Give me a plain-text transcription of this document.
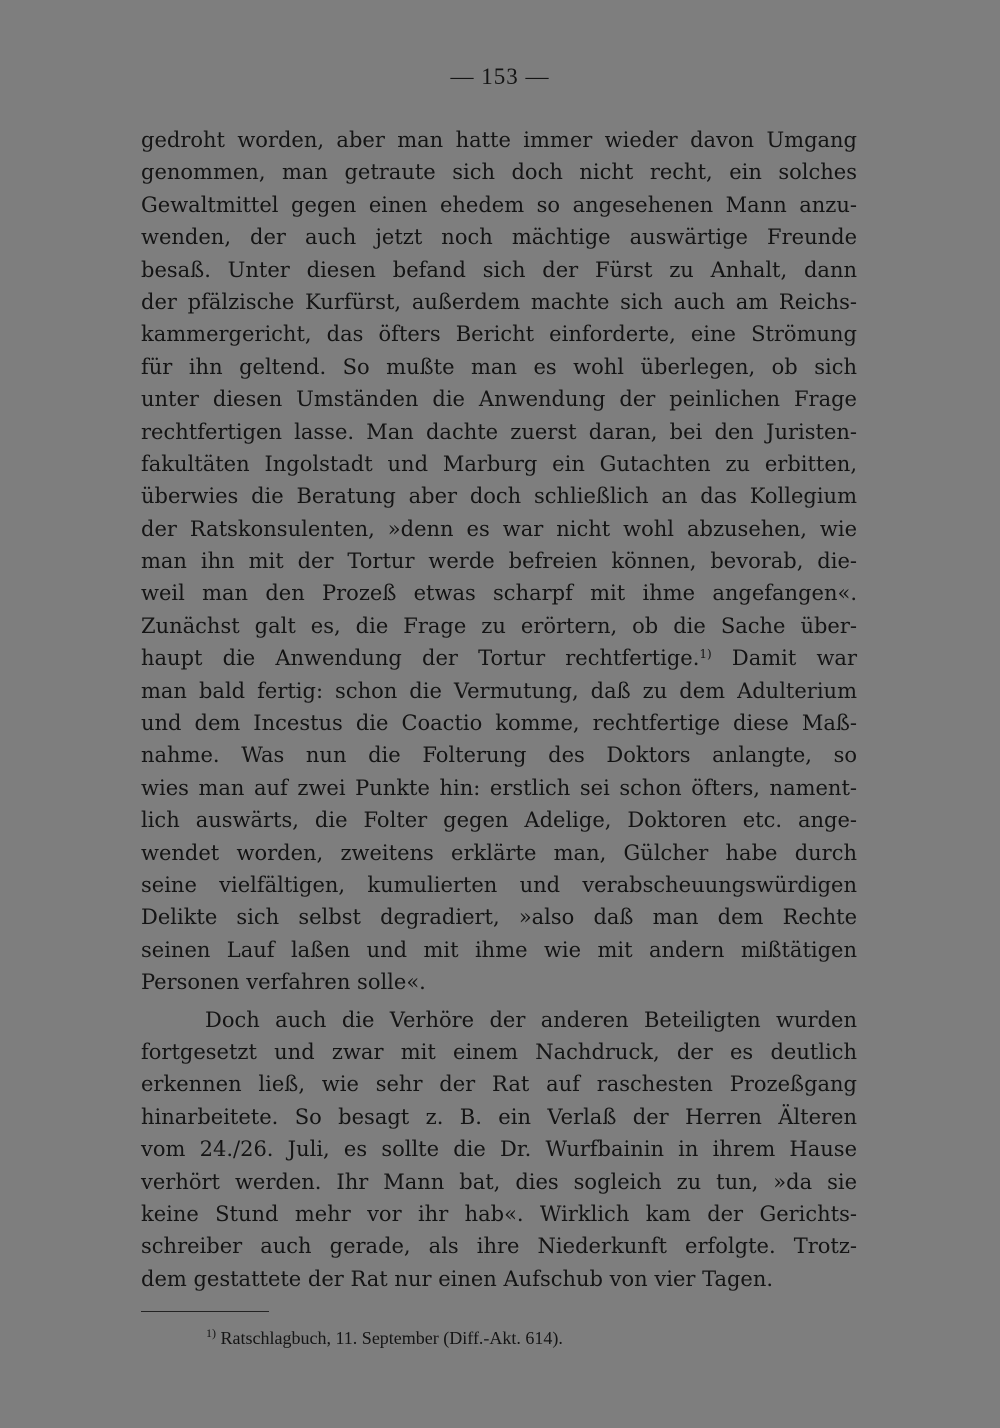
— 153 —
gedroht worden, aber man hatte immer wieder davon Umgang
genommen, man getraute sich doch nicht recht, ein solches
Gewaltmittel gegen einen ehedem so angesehenen Mann anzu-
wenden, der auch jetzt noch mächtige auswärtige Freunde
besaß. Unter diesen befand sich der Fürst zu Anhalt, dann
der pfälzische Kurfürst, außerdem machte sich auch am Reichs-
kammergericht, das öfters Bericht einforderte, eine Strömung
für ihn geltend. So mußte man es wohl überlegen, ob sich
unter diesen Umständen die Anwendung der peinlichen Frage
rechtfertigen lasse. Man dachte zuerst daran, bei den Juristen-
fakultäten Ingolstadt und Marburg ein Gutachten zu erbitten,
überwies die Beratung aber doch schließlich an das Kollegium
der Ratskonsulenten, »denn es war nicht wohl abzusehen, wie
man ihn mit der Tortur werde befreien können, bevorab, die-
weil man den Prozeß etwas scharpf mit ihme angefangen«.
Zunächst galt es, die Frage zu erörtern, ob die Sache über-
haupt die Anwendung der Tortur rechtfertige.$^{1)}$ Damit war
man bald fertig: schon die Vermutung, daß zu dem Adulterium
und dem Incestus die Coactio komme, rechtfertige diese Maß-
nahme. Was nun die Folterung des Doktors anlangte, so
wies man auf zwei Punkte hin: erstlich sei schon öfters, nament-
lich auswärts, die Folter gegen Adelige, Doktoren etc. ange-
wendet worden, zweitens erklärte man, Gülcher habe durch
seine vielfältigen, kumulierten und verabscheuungswürdigen
Delikte sich selbst degradiert, »also daß man dem Rechte
seinen Lauf laßen und mit ihme wie mit andern mißtätigen
Personen verfahren solle«.
Doch auch die Verhöre der anderen Beteiligten wurden
fortgesetzt und zwar mit einem Nachdruck, der es deutlich
erkennen ließ, wie sehr der Rat auf raschesten Prozeßgang
hinarbeitete. So besagt z. B. ein Verlaß der Herren Älteren
vom 24./26. Juli, es sollte die Dr. Wurfbainin in ihrem Hause
verhört werden. Ihr Mann bat, dies sogleich zu tun, »da sie
keine Stund mehr vor ihr hab«. Wirklich kam der Gerichts-
schreiber auch gerade, als ihre Niederkunft erfolgte. Trotz-
dem gestattete der Rat nur einen Aufschub von vier Tagen.
$^{1)}$ Ratschlagbuch, 11. September (Diff.-Akt. 614).
